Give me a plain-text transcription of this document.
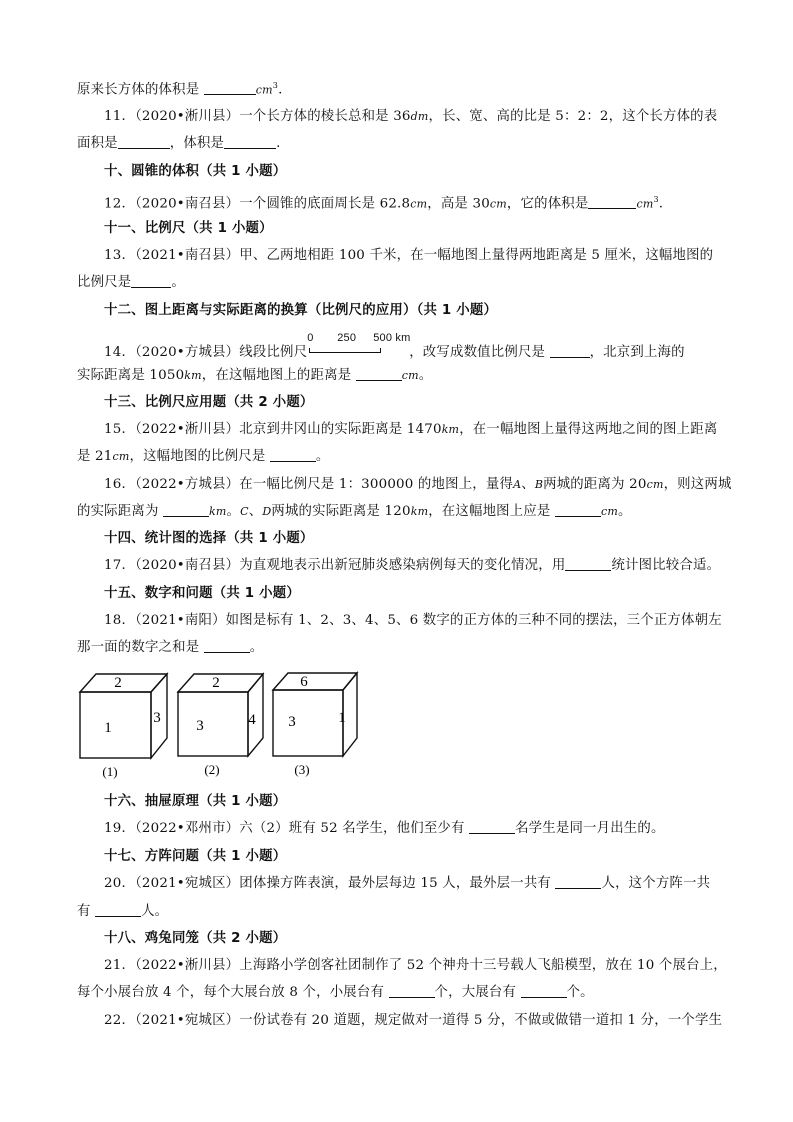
原来长方体的体积是	$cm^3$.
11．（2020•淅川县）一个长方体的棱长总和是 36dm，长、宽、高的比是 5：2：2，这个长方体的表
面积是	，体积是	.
十、圆锥的体积（共 1 小题）
12．（2020•南召县）一个圆锥的底面周长是 62.8cm，高是 30cm，它的体积是	$cm^3$.
十一、比例尺（共 1 小题）
13．（2021•南召县）甲、乙两地相距 100 千米，在一幅地图上量得两地距离是 5 厘米，这幅地图的
比例尺是	。
十二、图上距离与实际距离的换算（比例尺的应用）（共 1 小题）
14．（2020•方城县）线段比例尺
0 250 500 km
，改写成数值比例尺是	，北京到上海的
实际距离是 1050km，在这幅地图上的距离是	cm。
十三、比例尺应用题（共 2 小题）
15．（2022•淅川县）北京到井冈山的实际距离是 1470km，在一幅地图上量得这两地之间的图上距离
是 21cm，这幅地图的比例尺是	。
16．（2022•方城县）在一幅比例尺是 1：300000 的地图上，量得A、B两城的距离为 20cm，则这两城
的实际距离为	km。C、D两城的实际距离是 120km，在这幅地图上应是	cm。
十四、统计图的选择（共 1 小题）
17．（2020•南召县）为直观地表示出新冠肺炎感染病例每天的变化情况，用	统计图比较合适。
十五、数字和问题（共 1 小题）
18．（2021•南阳）如图是标有 1、2、3、4、5、6 数字的正方体的三种不同的摆法，三个正方体朝左
那一面的数字之和是	。
2
1
3
(1)
2
3	4
(2)
6
3	1
(3)
十六、抽屉原理（共 1 小题）
19．（2022•邓州市）六（2）班有 52 名学生，他们至少有	名学生是同一月出生的。
十七、方阵问题（共 1 小题）
20．（2021•宛城区）团体操方阵表演，最外层每边 15 人，最外层一共有	人，这个方阵一共
有	人。
十八、鸡兔同笼（共 2 小题）
21．（2022•淅川县）上海路小学创客社团制作了 52 个神舟十三号载人飞船模型，放在 10 个展台上，
每个小展台放 4 个，每个大展台放 8 个，小展台有	个，大展台有	个。
22．（2021•宛城区）一份试卷有 20 道题，规定做对一道得 5 分，不做或做错一道扣 1 分，一个学生
